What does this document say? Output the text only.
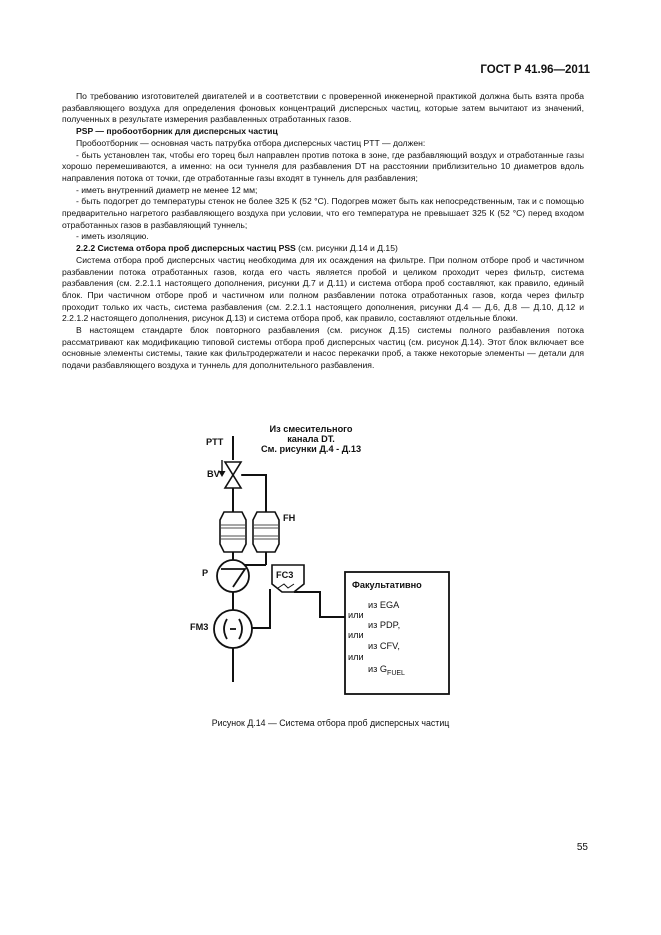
ГОСТ Р 41.96—2011

По требованию изготовителей двигателей и в соответствии с проверенной инженерной практикой должна быть взята проба разбавляющего воздуха для определения фоновых концентраций дисперсных частиц, которые затем вычитают из значений, полученных в результате измерения разбавленных отработанных газов.

PSP — пробоотборник для дисперсных частиц

Пробоотборник — основная часть патрубка отбора дисперсных частиц PTT — должен:

- быть установлен так, чтобы его торец был направлен против потока в зоне, где разбавляющий воздух и отработанные газы хорошо перемешиваются, а именно: на оси туннеля для разбавления DT на расстоянии приблизительно 10 диаметров вдоль направления потока от точки, где отработанные газы входят в туннель для разбавления;

- иметь внутренний диаметр не менее 12 мм;

- быть подогрет до температуры стенок не более 325 К (52 °С). Подогрев может быть как непосредственным, так и с помощью предварительно нагретого разбавляющего воздуха при условии, что его температура не превышает 325 К (52 °С) перед входом отработанных газов в разбавляющий туннель;

- иметь изоляцию.

2.2.2 Система отбора проб дисперсных частиц PSS (см. рисунки Д.14 и Д.15)

Система отбора проб дисперсных частиц необходима для их осаждения на фильтре. При полном отборе проб и частичном разбавлении потока отработанных газов, когда его часть является пробой и целиком проходит через фильтр, система разбавления (см. 2.2.1.1 настоящего дополнения, рисунки Д.7 и Д.11) и система отбора проб составляют, как правило, единый блок. При частичном отборе проб и частичном или полном разбавлении потока отработанных газов, когда через фильтр проходит только их часть, система разбавления (см. 2.2.1.1 настоящего дополнения, рисунки Д.4 — Д.6, Д.8 — Д.10, Д.12 и 2.2.1.2 настоящего дополнения, рисунок Д.13) и система отбора проб, как правило, составляют отдельные блоки.

В настоящем стандарте блок повторного разбавления (см. рисунок Д.15) системы полного разбавления потока рассматривают как модификацию типовой системы отбора проб дисперсных частиц (см. рисунок Д.14). Этот блок включает все основные элементы системы, такие как фильтродержатели и насос перекачки проб, а также некоторые элементы — детали для подачи разбавляющего воздуха и туннель для дополнительного разбавления.

Из смесительного
канала DT.
См. рисунки Д.4 - Д.13
PTT
BV
FH
P	FC3
FM3
Факультативно
из EGA
или
из PDP,
или
из CFV,
или
из $G_{FUEL}$
Рисунок Д.14 — Система отбора проб дисперсных частиц
55
